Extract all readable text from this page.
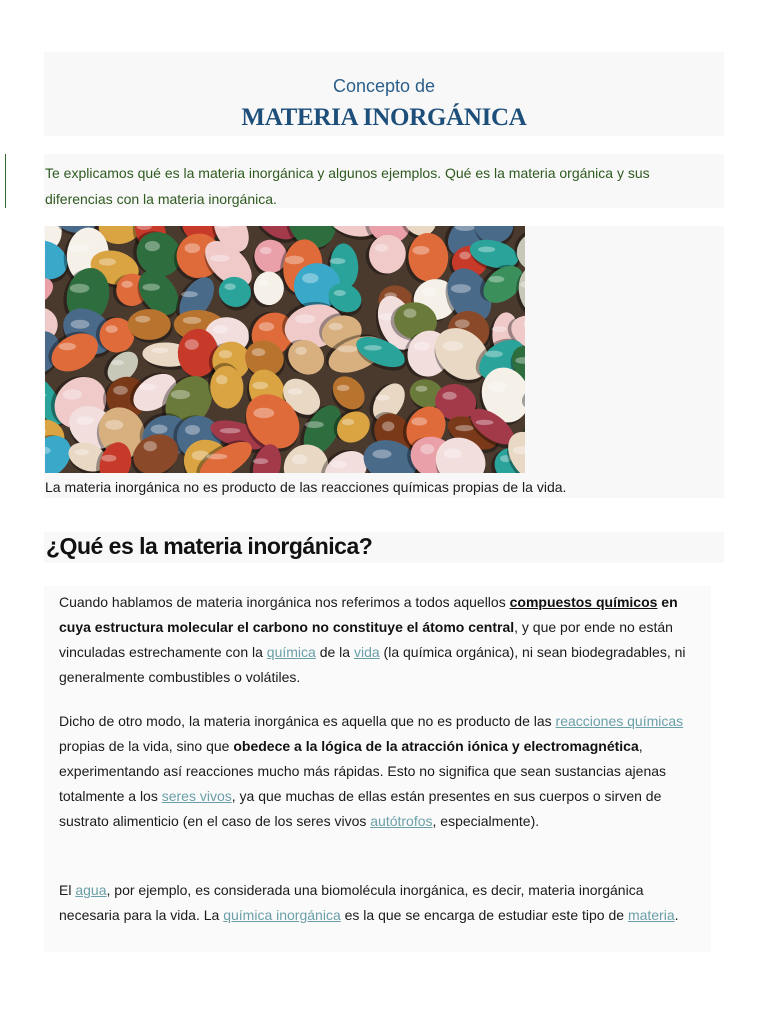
Concepto de
MATERIA INORGÁNICA
Te explicamos qué es la materia inorgánica y algunos ejemplos. Qué es la materia orgánica y sus diferencias con la materia inorgánica.
La materia inorgánica no es producto de las reacciones químicas propias de la vida.
¿Qué es la materia inorgánica?

Cuando hablamos de materia inorgánica nos referimos a todos aquellos compuestos químicos en cuya estructura molecular el carbono no constituye el átomo central, y que por ende no están vinculadas estrechamente con la química de la vida (la química orgánica), ni sean biodegradables, ni generalmente combustibles o volátiles.

Dicho de otro modo, la materia inorgánica es aquella que no es producto de las reacciones químicas propias de la vida, sino que obedece a la lógica de la atracción iónica y electromagnética, experimentando así reacciones mucho más rápidas. Esto no significa que sean sustancias ajenas totalmente a los seres vivos, ya que muchas de ellas están presentes en sus cuerpos o sirven de sustrato alimenticio (en el caso de los seres vivos autótrofos, especialmente).

El agua, por ejemplo, es considerada una biomolécula inorgánica, es decir, materia inorgánica necesaria para la vida. La química inorgánica es la que se encarga de estudiar este tipo de materia.
